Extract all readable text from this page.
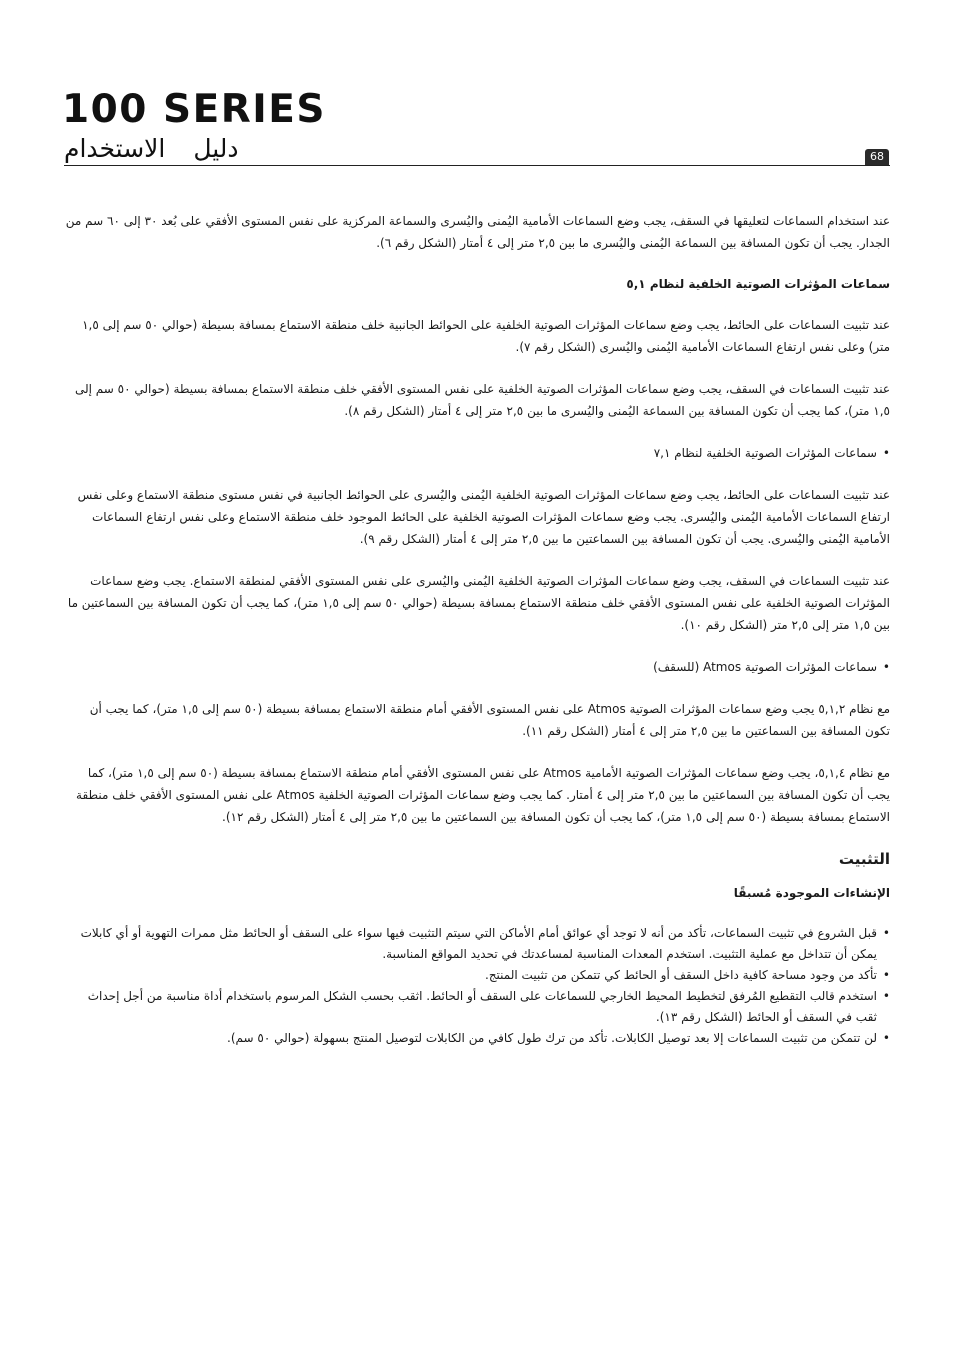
100 SERIES
دليل الاستخدام	68

عند استخدام السماعات لتعليقها في السقف، يجب وضع السماعات الأمامية اليُمنى واليُسرى والسماعة المركزية على نفس المستوى الأفقي على بُعد ٣٠ إلى ٦٠ سم من الجدار. يجب أن تكون المسافة بين السماعة اليُمنى واليُسرى ما بين ٢,٥ متر إلى ٤ أمتار (الشكل رقم ٦).

سماعات المؤثرات الصوتية الخلفية لنظام ٥,١

عند تثبيت السماعات على الحائط، يجب وضع سماعات المؤثرات الصوتية الخلفية على الحوائط الجانبية خلف منطقة الاستماع بمسافة بسيطة (حوالي ٥٠ سم إلى ١,٥ متر) وعلى نفس ارتفاع السماعات الأمامية اليُمنى واليُسرى (الشكل رقم ٧).

عند تثبيت السماعات في السقف، يجب وضع سماعات المؤثرات الصوتية الخلفية على نفس المستوى الأفقي خلف منطقة الاستماع بمسافة بسيطة (حوالي ٥٠ سم إلى ١,٥ متر)، كما يجب أن تكون المسافة بين السماعة اليُمنى واليُسرى ما بين ٢,٥ متر إلى ٤ أمتار (الشكل رقم ٨).

• سماعات المؤثرات الصوتية الخلفية لنظام ٧,١

عند تثبيت السماعات على الحائط، يجب وضع سماعات المؤثرات الصوتية الخلفية اليُمنى واليُسرى على الحوائط الجانبية في نفس مستوى منطقة الاستماع وعلى نفس ارتفاع السماعات الأمامية اليُمنى واليُسرى. يجب وضع سماعات المؤثرات الصوتية الخلفية على الحائط الموجود خلف منطقة الاستماع وعلى نفس ارتفاع السماعات الأمامية اليُمنى واليُسرى. يجب أن تكون المسافة بين السماعتين ما بين ٢,٥ متر إلى ٤ أمتار (الشكل رقم ٩).

عند تثبيت السماعات في السقف، يجب وضع سماعات المؤثرات الصوتية الخلفية اليُمنى واليُسرى على نفس المستوى الأفقي لمنطقة الاستماع. يجب وضع سماعات المؤثرات الصوتية الخلفية على نفس المستوى الأفقي خلف منطقة الاستماع بمسافة بسيطة (حوالي ٥٠ سم إلى ١,٥ متر)، كما يجب أن تكون المسافة بين السماعتين ما بين ١,٥ متر إلى ٢,٥ متر (الشكل رقم ١٠).

• سماعات المؤثرات الصوتية Atmos (للسقف)

مع نظام ٥,١,٢ يجب وضع سماعات المؤثرات الصوتية Atmos على نفس المستوى الأفقي أمام منطقة الاستماع بمسافة بسيطة (٥٠ سم إلى ١,٥ متر)، كما يجب أن تكون المسافة بين السماعتين ما بين ٢,٥ متر إلى ٤ أمتار (الشكل رقم ١١).

مع نظام ٥,١,٤، يجب وضع سماعات المؤثرات الصوتية الأمامية Atmos على نفس المستوى الأفقي أمام منطقة الاستماع بمسافة بسيطة (٥٠ سم إلى ١,٥ متر)، كما يجب أن تكون المسافة بين السماعتين ما بين ٢,٥ متر إلى ٤ أمتار. كما يجب وضع سماعات المؤثرات الصوتية الخلفية Atmos على نفس المستوى الأفقي خلف منطقة الاستماع بمسافة بسيطة (٥٠ سم إلى ١,٥ متر)، كما يجب أن تكون المسافة بين السماعتين ما بين ٢,٥ متر إلى ٤ أمتار (الشكل رقم ١٢).

التثبيت

الإنشاءات الموجودة مُسبقًا

• قبل الشروع في تثبيت السماعات، تأكد من أنه لا توجد أي عوائق أمام الأماكن التي سيتم التثبيت فيها سواء على السقف أو الحائط مثل ممرات التهوية أو أي كابلات يمكن أن تتداخل مع عملية التثبيت. استخدم المعدات المناسبة لمساعدتك في تحديد المواقع المناسبة.
• تأكد من وجود مساحة كافية داخل السقف أو الحائط كي تتمكن من تثبيت المنتج.
• استخدم قالب التقطيع المُرفق لتخطيط المحيط الخارجي للسماعات على السقف أو الحائط. اثقب بحسب الشكل المرسوم باستخدام أداة مناسبة من أجل إحداث ثقب في السقف أو الحائط (الشكل رقم ١٣).
• لن تتمكن من تثبيت السماعات إلا بعد توصيل الكابلات. تأكد من ترك طول كافي من الكابلات لتوصيل المنتج بسهولة (حوالي ٥٠ سم).
